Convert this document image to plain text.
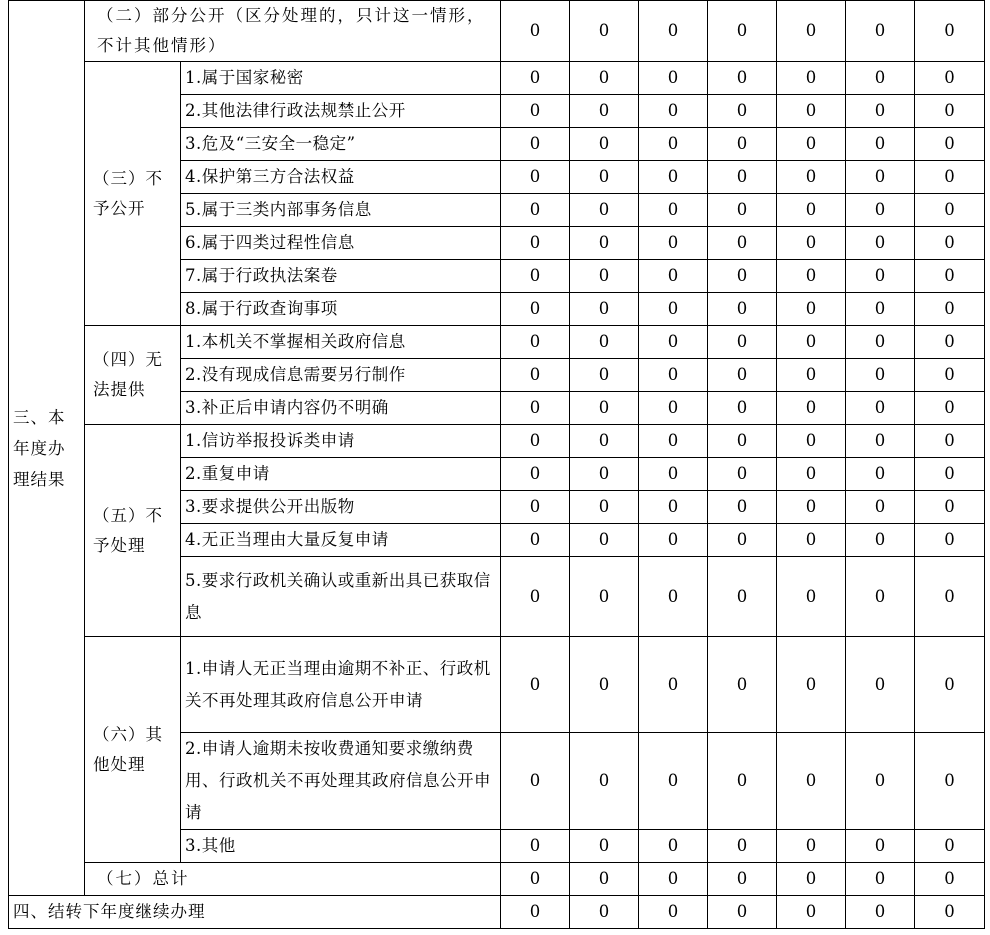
三、本年度办理结果	（二）部分公开（区分处理的，只计这一情形，不计其他情形）		0	0	0	0	0	0	0
	（三）不予公开	1.属于国家秘密	0	0	0	0	0	0	0
		2.其他法律行政法规禁止公开	0	0	0	0	0	0	0
		3.危及“三安全一稳定”	0	0	0	0	0	0	0
		4.保护第三方合法权益	0	0	0	0	0	0	0
		5.属于三类内部事务信息	0	0	0	0	0	0	0
		6.属于四类过程性信息	0	0	0	0	0	0	0
		7.属于行政执法案卷	0	0	0	0	0	0	0
		8.属于行政查询事项	0	0	0	0	0	0	0
	（四）无法提供	1.本机关不掌握相关政府信息	0	0	0	0	0	0	0
		2.没有现成信息需要另行制作	0	0	0	0	0	0	0
		3.补正后申请内容仍不明确	0	0	0	0	0	0	0
	（五）不予处理	1.信访举报投诉类申请	0	0	0	0	0	0	0
		2.重复申请	0	0	0	0	0	0	0
		3.要求提供公开出版物	0	0	0	0	0	0	0
		4.无正当理由大量反复申请	0	0	0	0	0	0	0
		5.要求行政机关确认或重新出具已获取信息	0	0	0	0	0	0	0
	（六）其他处理	1.申请人无正当理由逾期不补正、行政机关不再处理其政府信息公开申请	0	0	0	0	0	0	0
		2.申请人逾期未按收费通知要求缴纳费用、行政机关不再处理其政府信息公开申请	0	0	0	0	0	0	0
		3.其他	0	0	0	0	0	0	0
	（七）总计		0	0	0	0	0	0	0
四、结转下年度继续办理			0	0	0	0	0	0	0
